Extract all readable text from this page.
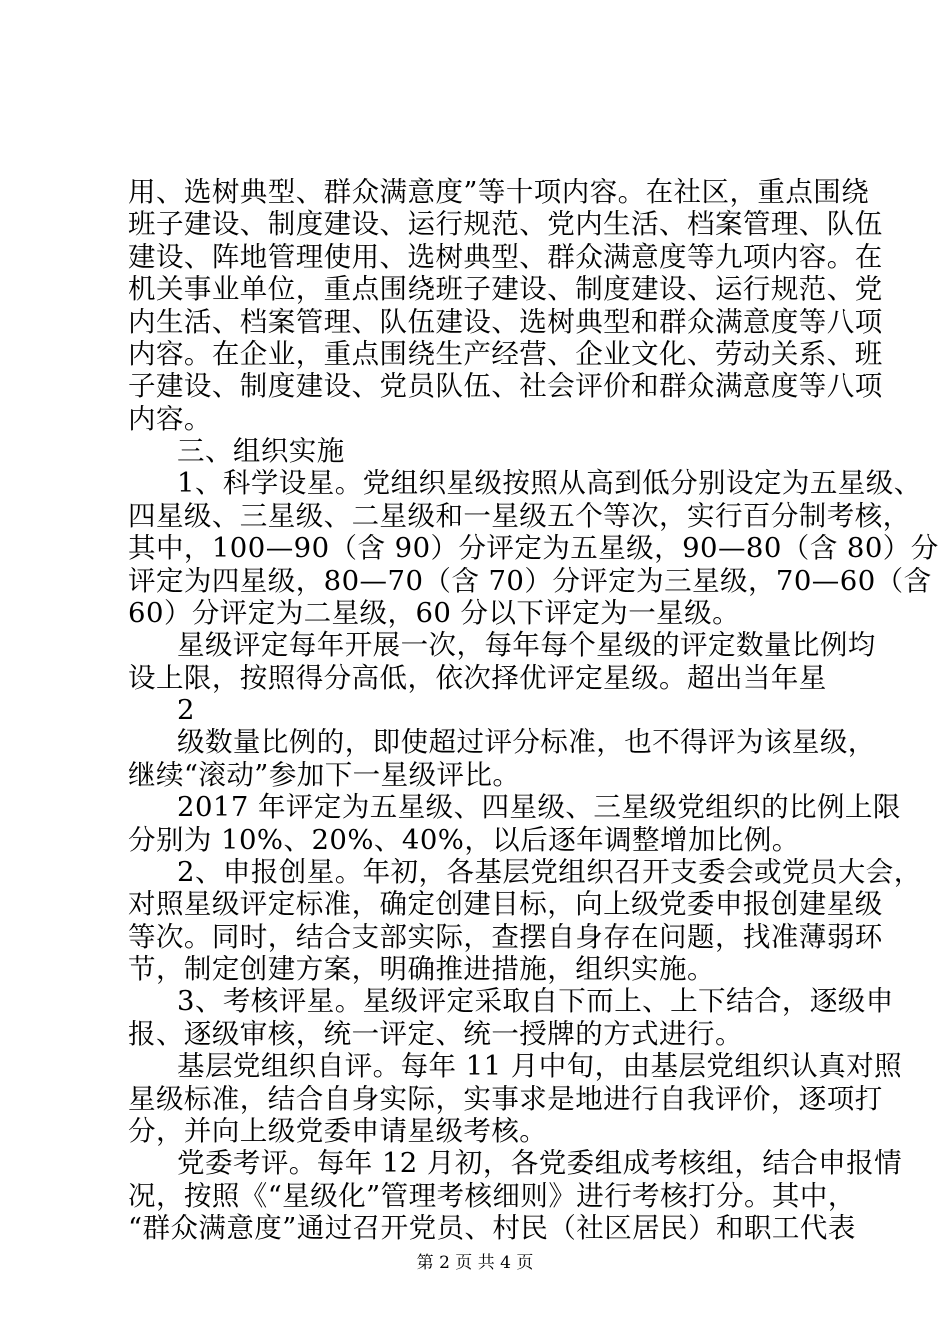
用、选树典型、群众满意度”等十项内容。在社区，重点围绕
班子建设、制度建设、运行规范、党内生活、档案管理、队伍
建设、阵地管理使用、选树典型、群众满意度等九项内容。在
机关事业单位，重点围绕班子建设、制度建设、运行规范、党
内生活、档案管理、队伍建设、选树典型和群众满意度等八项
内容。在企业，重点围绕生产经营、企业文化、劳动关系、班
子建设、制度建设、党员队伍、社会评价和群众满意度等八项
内容。
三、组织实施
1、科学设星。党组织星级按照从高到低分别设定为五星级、
四星级、三星级、二星级和一星级五个等次，实行百分制考核，
其中，100—90（含 90）分评定为五星级，90—80（含 80）分
评定为四星级，80—70（含 70）分评定为三星级，70—60（含
60）分评定为二星级，60 分以下评定为一星级。
星级评定每年开展一次，每年每个星级的评定数量比例均
设上限，按照得分高低，依次择优评定星级。超出当年星
2
级数量比例的，即使超过评分标准，也不得评为该星级，
继续“滚动”参加下一星级评比。
2017 年评定为五星级、四星级、三星级党组织的比例上限
分别为 10%、20%、40%，以后逐年调整增加比例。
2、申报创星。年初，各基层党组织召开支委会或党员大会，
对照星级评定标准，确定创建目标，向上级党委申报创建星级
等次。同时，结合支部实际，查摆自身存在问题，找准薄弱环
节，制定创建方案，明确推进措施，组织实施。
3、考核评星。星级评定采取自下而上、上下结合，逐级申
报、逐级审核，统一评定、统一授牌的方式进行。
基层党组织自评。每年 11 月中旬，由基层党组织认真对照
星级标准，结合自身实际，实事求是地进行自我评价，逐项打
分，并向上级党委申请星级考核。
党委考评。每年 12 月初，各党委组成考核组，结合申报情
况，按照《“星级化”管理考核细则》进行考核打分。其中，
“群众满意度”通过召开党员、村民（社区居民）和职工代表
第 2 页 共 4 页
